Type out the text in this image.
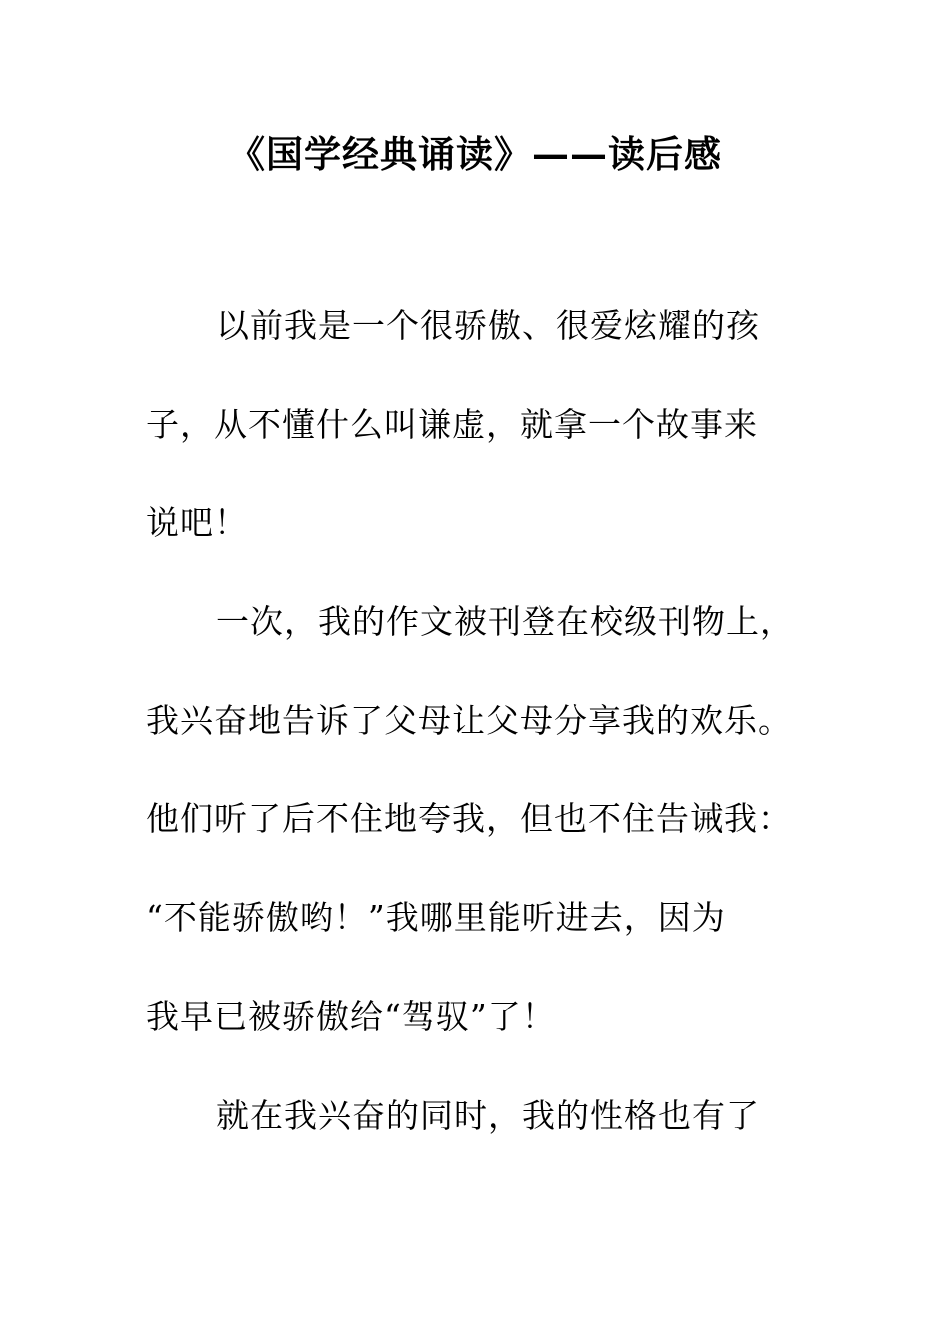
《国学经典诵读》——读后感
以前我是一个很骄傲、很爱炫耀的孩
子，从不懂什么叫谦虚，就拿一个故事来
说吧！
一次，我的作文被刊登在校级刊物上，
我兴奋地告诉了父母让父母分享我的欢乐。
他们听了后不住地夸我，但也不住告诫我：
“不能骄傲哟！”我哪里能听进去，因为
我早已被骄傲给“驾驭”了！
就在我兴奋的同时，我的性格也有了
